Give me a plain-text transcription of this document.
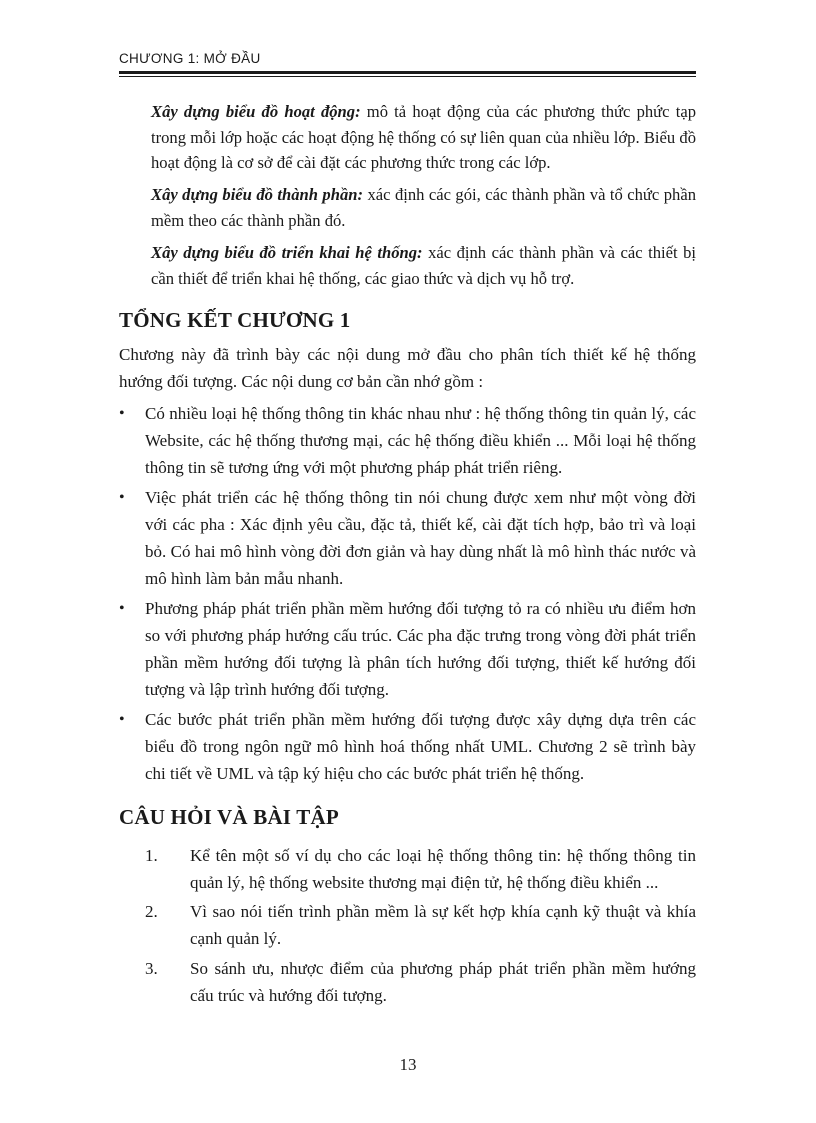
CHƯƠNG 1: MỞ ĐẦU
Xây dựng biểu đồ hoạt động: mô tả hoạt động của các phương thức phức tạp trong mỗi lớp hoặc các hoạt động hệ thống có sự liên quan của nhiều lớp. Biểu đồ hoạt động là cơ sở để cài đặt các phương thức trong các lớp.
Xây dựng biểu đồ thành phần: xác định các gói, các thành phần và tổ chức phần mềm theo các thành phần đó.
Xây dựng biểu đồ triển khai hệ thống: xác định các thành phần và các thiết bị cần thiết để triển khai hệ thống, các giao thức và dịch vụ hỗ trợ.
TỔNG KẾT CHƯƠNG 1
Chương này đã trình bày các nội dung mở đầu cho phân tích thiết kế hệ thống hướng đối tượng. Các nội dung cơ bản cần nhớ gồm :
• Có nhiều loại hệ thống thông tin khác nhau như : hệ thống thông tin quản lý, các Website, các hệ thống thương mại, các hệ thống điều khiển ... Mỗi loại hệ thống thông tin sẽ tương ứng với một phương pháp phát triển riêng.
• Việc phát triển các hệ thống thông tin nói chung được xem như một vòng đời với các pha : Xác định yêu cầu, đặc tả, thiết kế, cài đặt tích hợp, bảo trì và loại bỏ. Có hai mô hình vòng đời đơn giản và hay dùng nhất là mô hình thác nước và mô hình làm bản mẫu nhanh.
• Phương pháp phát triển phần mềm hướng đối tượng tỏ ra có nhiều ưu điểm hơn so với phương pháp hướng cấu trúc. Các pha đặc trưng trong vòng đời phát triển phần mềm hướng đối tượng là phân tích hướng đối tượng, thiết kế hướng đối tượng và lập trình hướng đối tượng.
• Các bước phát triển phần mềm hướng đối tượng được xây dựng dựa trên các biểu đồ trong ngôn ngữ mô hình hoá thống nhất UML. Chương 2 sẽ trình bày chi tiết về UML và tập ký hiệu cho các bước phát triển hệ thống.
CÂU HỎI VÀ BÀI TẬP
1. Kể tên một số ví dụ cho các loại hệ thống thông tin: hệ thống thông tin quản lý, hệ thống website thương mại điện tử, hệ thống điều khiển ...
2. Vì sao nói tiến trình phần mềm là sự kết hợp khía cạnh kỹ thuật và khía cạnh quản lý.
3. So sánh ưu, nhược điểm của phương pháp phát triển phần mềm hướng cấu trúc và hướng đối tượng.
13
